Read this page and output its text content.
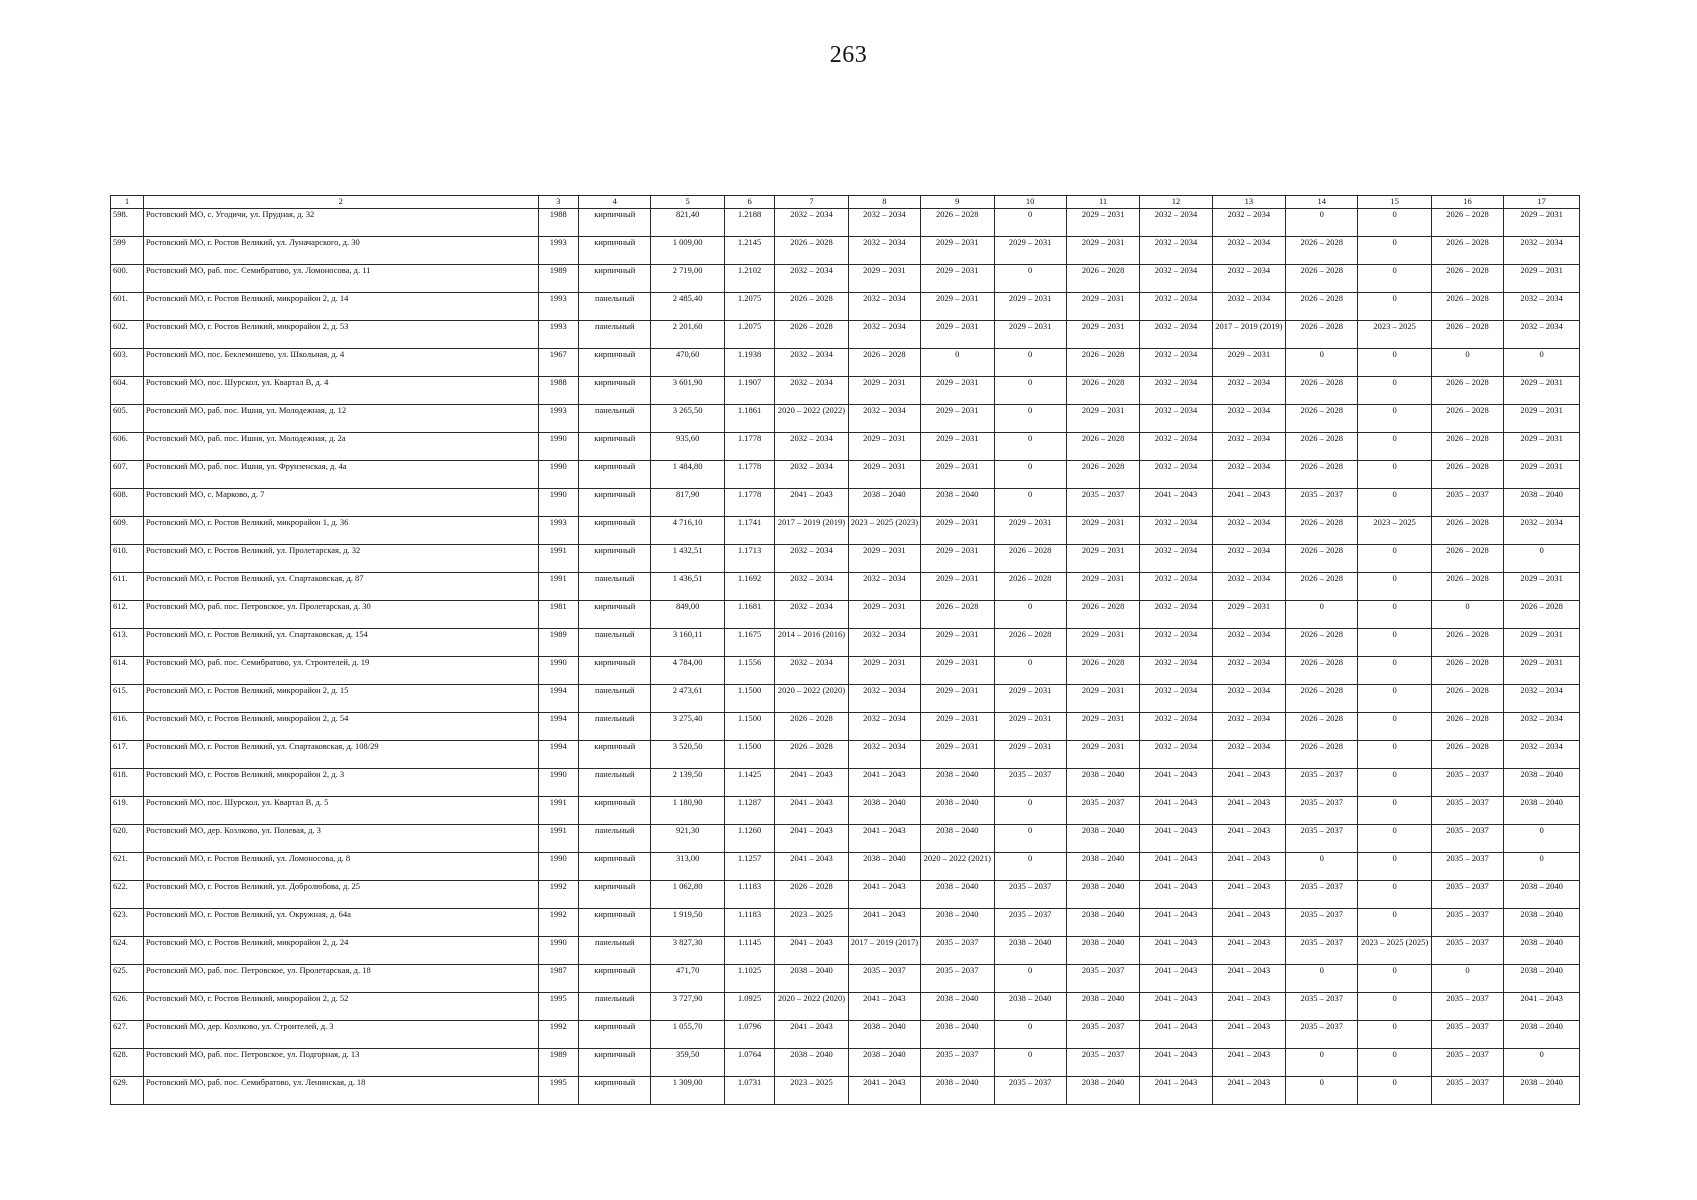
263
1	2	3	4	5	6	7	8	9	10	11	12	13	14	15	16	17
598.	Ростовский МО, с. Угодичи, ул. Прудная, д. 32	1988	кирпичный	821,40	1.2188	2032 – 2034	2032 – 2034	2026 – 2028	0	2029 – 2031	2032 – 2034	2032 – 2034	0	0	2026 – 2028	2029 – 2031
599	Ростовский МО, г. Ростов Великий, ул. Луначарского, д. 30	1993	кирпичный	1 009,00	1.2145	2026 – 2028	2032 – 2034	2029 – 2031	2029 – 2031	2029 – 2031	2032 – 2034	2032 – 2034	2026 – 2028	0	2026 – 2028	2032 – 2034
600.	Ростовский МО, раб. пос. Семибратово, ул. Ломоносова, д. 11	1989	кирпичный	2 719,00	1.2102	2032 – 2034	2029 – 2031	2029 – 2031	0	2026 – 2028	2032 – 2034	2032 – 2034	2026 – 2028	0	2026 – 2028	2029 – 2031
601.	Ростовский МО, г. Ростов Великий, микрорайон 2, д. 14	1993	панельный	2 485,40	1.2075	2026 – 2028	2032 – 2034	2029 – 2031	2029 – 2031	2029 – 2031	2032 – 2034	2032 – 2034	2026 – 2028	0	2026 – 2028	2032 – 2034
602.	Ростовский МО, г. Ростов Великий, микрорайон 2, д. 53	1993	панельный	2 201,60	1.2075	2026 – 2028	2032 – 2034	2029 – 2031	2029 – 2031	2029 – 2031	2032 – 2034	2017 – 2019 (2019)	2026 – 2028	2023 – 2025	2026 – 2028	2032 – 2034
603.	Ростовский МО, пос. Беклемишево, ул. Школьная, д. 4	1967	кирпичный	470,60	1.1938	2032 – 2034	2026 – 2028	0	0	2026 – 2028	2032 – 2034	2029 – 2031	0	0	0	0
604.	Ростовский МО, пос. Шурскол, ул. Квартал В, д. 4	1988	кирпичный	3 601,90	1.1907	2032 – 2034	2029 – 2031	2029 – 2031	0	2026 – 2028	2032 – 2034	2032 – 2034	2026 – 2028	0	2026 – 2028	2029 – 2031
605.	Ростовский МО, раб. пос. Ишня, ул. Молодежная, д. 12	1993	панельный	3 265,50	1.1861	2020 – 2022 (2022)	2032 – 2034	2029 – 2031	0	2029 – 2031	2032 – 2034	2032 – 2034	2026 – 2028	0	2026 – 2028	2029 – 2031
606.	Ростовский МО, раб. пос. Ишня, ул. Молодежная, д. 2а	1990	кирпичный	935,60	1.1778	2032 – 2034	2029 – 2031	2029 – 2031	0	2026 – 2028	2032 – 2034	2032 – 2034	2026 – 2028	0	2026 – 2028	2029 – 2031
607.	Ростовский МО, раб. пос. Ишня, ул. Фрунзенская, д. 4а	1990	кирпичный	1 484,80	1.1778	2032 – 2034	2029 – 2031	2029 – 2031	0	2026 – 2028	2032 – 2034	2032 – 2034	2026 – 2028	0	2026 – 2028	2029 – 2031
608.	Ростовский МО, с. Марково, д. 7	1990	кирпичный	817,90	1.1778	2041 – 2043	2038 – 2040	2038 – 2040	0	2035 – 2037	2041 – 2043	2041 – 2043	2035 – 2037	0	2035 – 2037	2038 – 2040
609.	Ростовский МО, г. Ростов Великий, микрорайон 1, д. 36	1993	кирпичный	4 716,10	1.1741	2017 – 2019 (2019)	2023 – 2025 (2023)	2029 – 2031	2029 – 2031	2029 – 2031	2032 – 2034	2032 – 2034	2026 – 2028	2023 – 2025	2026 – 2028	2032 – 2034
610.	Ростовский МО, г. Ростов Великий, ул. Пролетарская, д. 32	1991	кирпичный	1 432,51	1.1713	2032 – 2034	2029 – 2031	2029 – 2031	2026 – 2028	2029 – 2031	2032 – 2034	2032 – 2034	2026 – 2028	0	2026 – 2028	0
611.	Ростовский МО, г. Ростов Великий, ул. Спартаковская, д. 87	1991	панельный	1 436,51	1.1692	2032 – 2034	2032 – 2034	2029 – 2031	2026 – 2028	2029 – 2031	2032 – 2034	2032 – 2034	2026 – 2028	0	2026 – 2028	2029 – 2031
612.	Ростовский МО, раб. пос. Петровское, ул. Пролетарская, д. 30	1981	кирпичный	849,00	1.1681	2032 – 2034	2029 – 2031	2026 – 2028	0	2026 – 2028	2032 – 2034	2029 – 2031	0	0	0	2026 – 2028
613.	Ростовский МО, г. Ростов Великий, ул. Спартаковская, д. 154	1989	панельный	3 160,11	1.1675	2014 – 2016 (2016)	2032 – 2034	2029 – 2031	2026 – 2028	2029 – 2031	2032 – 2034	2032 – 2034	2026 – 2028	0	2026 – 2028	2029 – 2031
614.	Ростовский МО, раб. пос. Семибратово, ул. Строителей, д. 19	1990	кирпичный	4 784,00	1.1556	2032 – 2034	2029 – 2031	2029 – 2031	0	2026 – 2028	2032 – 2034	2032 – 2034	2026 – 2028	0	2026 – 2028	2029 – 2031
615.	Ростовский МО, г. Ростов Великий, микрорайон 2, д. 15	1994	панельный	2 473,61	1.1500	2020 – 2022 (2020)	2032 – 2034	2029 – 2031	2029 – 2031	2029 – 2031	2032 – 2034	2032 – 2034	2026 – 2028	0	2026 – 2028	2032 – 2034
616.	Ростовский МО, г. Ростов Великий, микрорайон 2, д. 54	1994	панельный	3 275,40	1.1500	2026 – 2028	2032 – 2034	2029 – 2031	2029 – 2031	2029 – 2031	2032 – 2034	2032 – 2034	2026 – 2028	0	2026 – 2028	2032 – 2034
617.	Ростовский МО, г. Ростов Великий, ул. Спартаковская, д. 108/29	1994	кирпичный	3 520,50	1.1500	2026 – 2028	2032 – 2034	2029 – 2031	2029 – 2031	2029 – 2031	2032 – 2034	2032 – 2034	2026 – 2028	0	2026 – 2028	2032 – 2034
618.	Ростовский МО, г. Ростов Великий, микрорайон 2, д. 3	1990	панельный	2 139,50	1.1425	2041 – 2043	2041 – 2043	2038 – 2040	2035 – 2037	2038 – 2040	2041 – 2043	2041 – 2043	2035 – 2037	0	2035 – 2037	2038 – 2040
619.	Ростовский МО, пос. Шурскол, ул. Квартал В, д. 5	1991	кирпичный	1 180,90	1.1287	2041 – 2043	2038 – 2040	2038 – 2040	0	2035 – 2037	2041 – 2043	2041 – 2043	2035 – 2037	0	2035 – 2037	2038 – 2040
620.	Ростовский МО, дер. Козлково, ул. Полевая, д. 3	1991	панельный	921,30	1.1260	2041 – 2043	2041 – 2043	2038 – 2040	0	2038 – 2040	2041 – 2043	2041 – 2043	2035 – 2037	0	2035 – 2037	0
621.	Ростовский МО, г. Ростов Великий, ул. Ломоносова, д. 8	1990	кирпичный	313,00	1.1257	2041 – 2043	2038 – 2040	2020 – 2022 (2021)	0	2038 – 2040	2041 – 2043	2041 – 2043	0	0	2035 – 2037	0
622.	Ростовский МО, г. Ростов Великий, ул. Добролюбова, д. 25	1992	кирпичный	1 062,80	1.1183	2026 – 2028	2041 – 2043	2038 – 2040	2035 – 2037	2038 – 2040	2041 – 2043	2041 – 2043	2035 – 2037	0	2035 – 2037	2038 – 2040
623.	Ростовский МО, г. Ростов Великий, ул. Окружная, д. 64а	1992	кирпичный	1 919,50	1.1183	2023 – 2025	2041 – 2043	2038 – 2040	2035 – 2037	2038 – 2040	2041 – 2043	2041 – 2043	2035 – 2037	0	2035 – 2037	2038 – 2040
624.	Ростовский МО, г. Ростов Великий, микрорайон 2, д. 24	1990	панельный	3 827,30	1.1145	2041 – 2043	2017 – 2019 (2017)	2035 – 2037	2038 – 2040	2038 – 2040	2041 – 2043	2041 – 2043	2035 – 2037	2023 – 2025 (2025)	2035 – 2037	2038 – 2040
625.	Ростовский МО, раб. пос. Петровское, ул. Пролетарская, д. 18	1987	кирпичный	471,70	1.1025	2038 – 2040	2035 – 2037	2035 – 2037	0	2035 – 2037	2041 – 2043	2041 – 2043	0	0	0	2038 – 2040
626.	Ростовский МО, г. Ростов Великий, микрорайон 2, д. 52	1995	панельный	3 727,90	1.0925	2020 – 2022 (2020)	2041 – 2043	2038 – 2040	2038 – 2040	2038 – 2040	2041 – 2043	2041 – 2043	2035 – 2037	0	2035 – 2037	2041 – 2043
627.	Ростовский МО, дер. Козлково, ул. Строителей, д. 3	1992	кирпичный	1 055,70	1.0796	2041 – 2043	2038 – 2040	2038 – 2040	0	2035 – 2037	2041 – 2043	2041 – 2043	2035 – 2037	0	2035 – 2037	2038 – 2040
628.	Ростовский МО, раб. пос. Петровское, ул. Подгорная, д. 13	1989	кирпичный	359,50	1.0764	2038 – 2040	2038 – 2040	2035 – 2037	0	2035 – 2037	2041 – 2043	2041 – 2043	0	0	2035 – 2037	0
629.	Ростовский МО, раб. пос. Семибратово, ул. Ленинская, д. 18	1995	кирпичный	1 309,00	1.0731	2023 – 2025	2041 – 2043	2038 – 2040	2035 – 2037	2038 – 2040	2041 – 2043	2041 – 2043	0	0	2035 – 2037	2038 – 2040
